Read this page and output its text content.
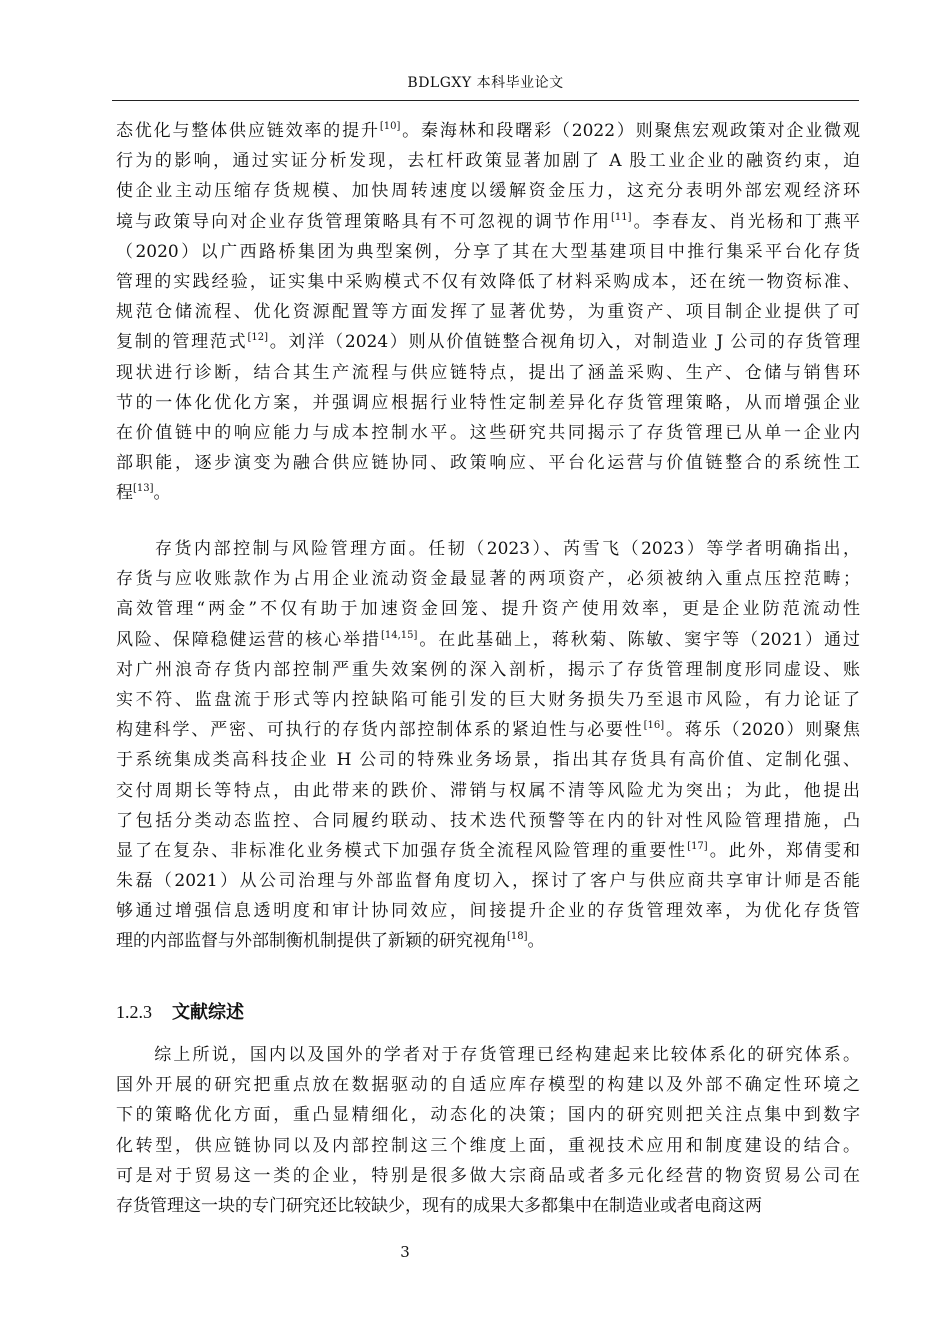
BDLGXY 本科毕业论文
态优化与整体供应链效率的提升[10]。秦海林和段曙彩（2022）则聚焦宏观政策对企业微观
行为的影响，通过实证分析发现，去杠杆政策显著加剧了 A 股工业企业的融资约束，迫
使企业主动压缩存货规模、加快周转速度以缓解资金压力，这充分表明外部宏观经济环
境与政策导向对企业存货管理策略具有不可忽视的调节作用[11]。李春友、肖光杨和丁燕平
（2020）以广西路桥集团为典型案例，分享了其在大型基建项目中推行集采平台化存货
管理的实践经验，证实集中采购模式不仅有效降低了材料采购成本，还在统一物资标准、
规范仓储流程、优化资源配置等方面发挥了显著优势，为重资产、项目制企业提供了可
复制的管理范式[12]。刘洋（2024）则从价值链整合视角切入，对制造业 J 公司的存货管理
现状进行诊断，结合其生产流程与供应链特点，提出了涵盖采购、生产、仓储与销售环
节的一体化优化方案，并强调应根据行业特性定制差异化存货管理策略，从而增强企业
在价值链中的响应能力与成本控制水平。这些研究共同揭示了存货管理已从单一企业内
部职能，逐步演变为融合供应链协同、政策响应、平台化运营与价值链整合的系统性工
程[13]。
　　存货内部控制与风险管理方面。任韧（2023）、芮雪飞（2023）等学者明确指出，
存货与应收账款作为占用企业流动资金最显著的两项资产，必须被纳入重点压控范畴；
高效管理“两金”不仅有助于加速资金回笼、提升资产使用效率，更是企业防范流动性
风险、保障稳健运营的核心举措[14,15]。在此基础上，蒋秋菊、陈敏、窦宇等（2021）通过
对广州浪奇存货内部控制严重失效案例的深入剖析，揭示了存货管理制度形同虚设、账
实不符、监盘流于形式等内控缺陷可能引发的巨大财务损失乃至退市风险，有力论证了
构建科学、严密、可执行的存货内部控制体系的紧迫性与必要性[16]。蒋乐（2020）则聚焦
于系统集成类高科技企业 H 公司的特殊业务场景，指出其存货具有高价值、定制化强、
交付周期长等特点，由此带来的跌价、滞销与权属不清等风险尤为突出；为此，他提出
了包括分类动态监控、合同履约联动、技术迭代预警等在内的针对性风险管理措施，凸
显了在复杂、非标准化业务模式下加强存货全流程风险管理的重要性[17]。此外，郑倩雯和
朱磊（2021）从公司治理与外部监督角度切入，探讨了客户与供应商共享审计师是否能
够通过增强信息透明度和审计协同效应，间接提升企业的存货管理效率，为优化存货管
理的内部监督与外部制衡机制提供了新颖的研究视角[18]。
1.2.3 文献综述
　　综上所说，国内以及国外的学者对于存货管理已经构建起来比较体系化的研究体系。
国外开展的研究把重点放在数据驱动的自适应库存模型的构建以及外部不确定性环境之
下的策略优化方面，重凸显精细化，动态化的决策；国内的研究则把关注点集中到数字
化转型，供应链协同以及内部控制这三个维度上面，重视技术应用和制度建设的结合。
可是对于贸易这一类的企业，特别是很多做大宗商品或者多元化经营的物资贸易公司在
存货管理这一块的专门研究还比较缺少，现有的成果大多都集中在制造业或者电商这两
3
